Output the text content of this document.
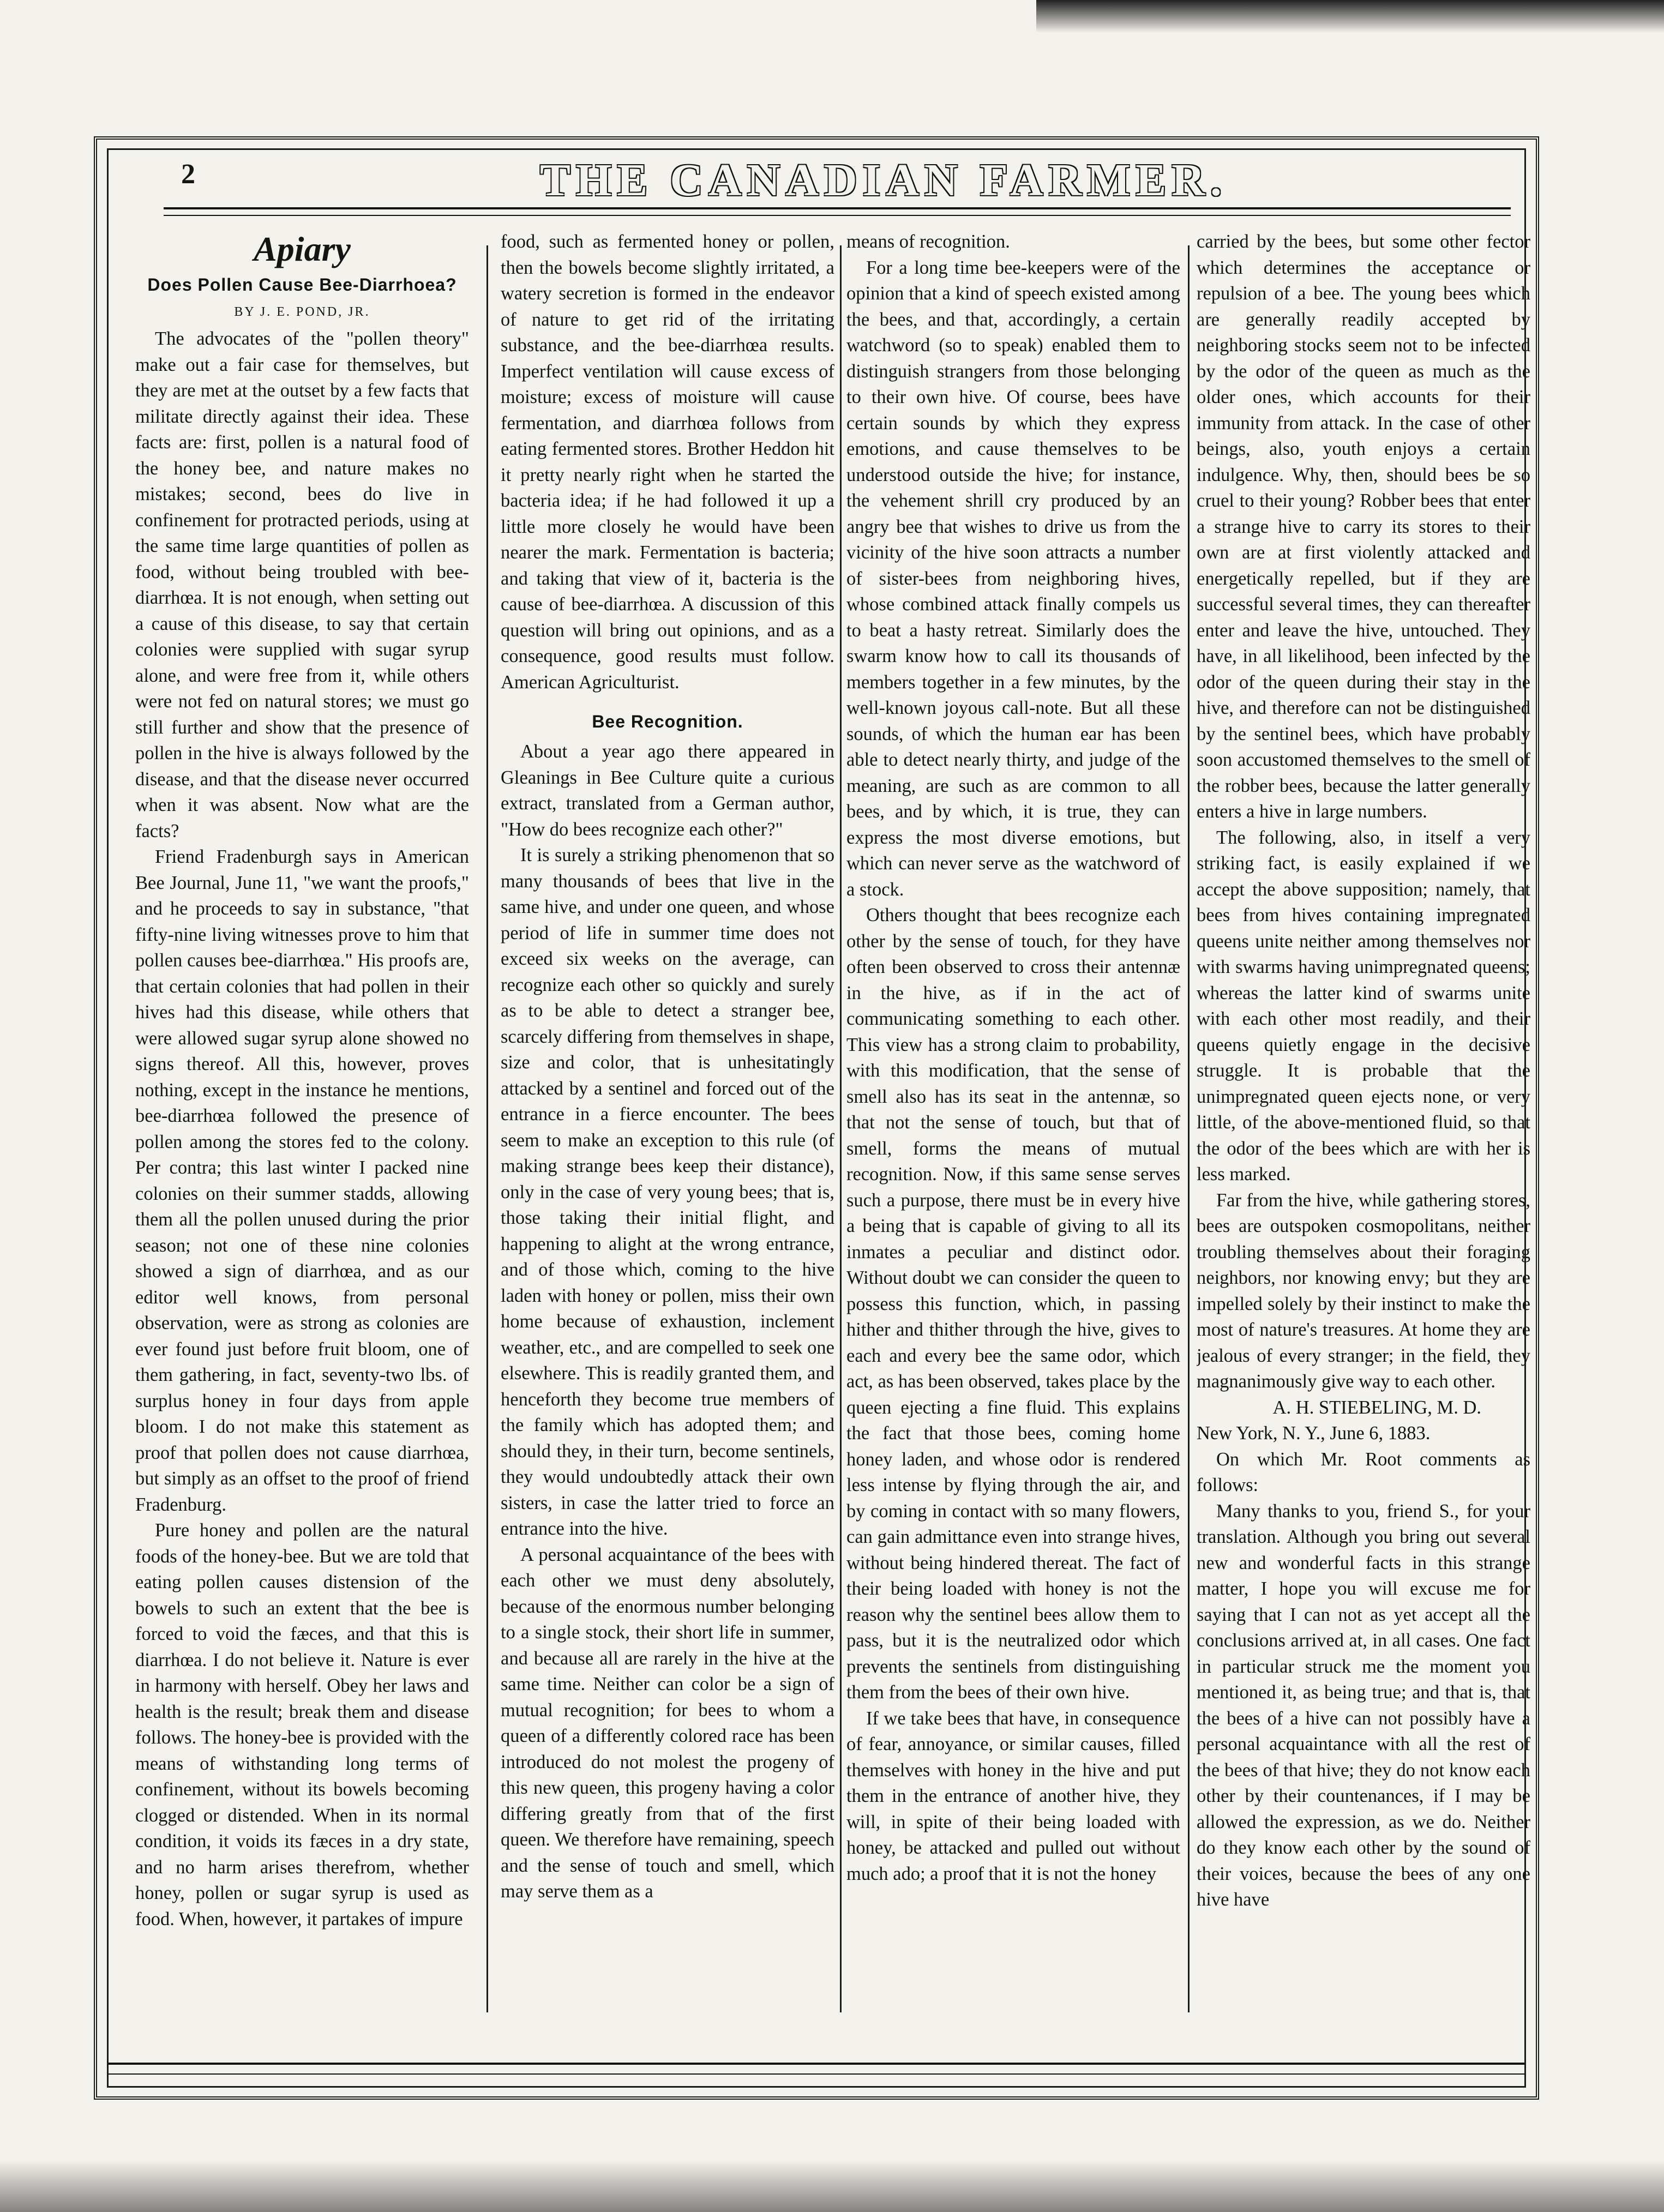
2	THE CANADIAN FARMER.
Apiary
Does Pollen Cause Bee-Diarrhoea?
BY J. E. POND, JR.

The advocates of the "pollen theory" make out a fair case for themselves, but they are met at the outset by a few facts that militate directly against their idea. These facts are: first, pollen is a natural food of the honey bee, and nature makes no mistakes; second, bees do live in confinement for protracted periods, using at the same time large quantities of pollen as food, without being troubled with bee-diarrhœa. It is not enough, when setting out a cause of this disease, to say that certain colonies were supplied with sugar syrup alone, and were free from it, while others were not fed on natural stores; we must go still further and show that the presence of pollen in the hive is always followed by the disease, and that the disease never occurred when it was absent. Now what are the facts?

Friend Fradenburgh says in American Bee Journal, June 11, "we want the proofs," and he proceeds to say in substance, "that fifty-nine living witnesses prove to him that pollen causes bee-diarrhœa." His proofs are, that certain colonies that had pollen in their hives had this disease, while others that were allowed sugar syrup alone showed no signs thereof. All this, however, proves nothing, except in the instance he mentions, bee-diarrhœa followed the presence of pollen among the stores fed to the colony. Per contra; this last winter I packed nine colonies on their summer stadds, allowing them all the pollen unused during the prior season; not one of these nine colonies showed a sign of diarrhœa, and as our editor well knows, from personal observation, were as strong as colonies are ever found just before fruit bloom, one of them gathering, in fact, seventy-two lbs. of surplus honey in four days from apple bloom. I do not make this statement as proof that pollen does not cause diarrhœa, but simply as an offset to the proof of friend Fradenburg.

Pure honey and pollen are the natural foods of the honey-bee. But we are told that eating pollen causes distension of the bowels to such an extent that the bee is forced to void the fæces, and that this is diarrhœa. I do not believe it. Nature is ever in harmony with herself. Obey her laws and health is the result; break them and disease follows. The honey-bee is provided with the means of withstanding long terms of confinement, without its bowels becoming clogged or distended. When in its normal condition, it voids its fæces in a dry state, and no harm arises therefrom, whether honey, pollen or sugar syrup is used as food. When, however, it partakes of impure

food, such as fermented honey or pollen, then the bowels become slightly irritated, a watery secretion is formed in the endeavor of nature to get rid of the irritating substance, and the bee-diarrhœa results. Imperfect ventilation will cause excess of moisture; excess of moisture will cause fermentation, and diarrhœa follows from eating fermented stores. Brother Heddon hit it pretty nearly right when he started the bacteria idea; if he had followed it up a little more closely he would have been nearer the mark. Fermentation is bacteria; and taking that view of it, bacteria is the cause of bee-diarrhœa. A discussion of this question will bring out opinions, and as a consequence, good results must follow. American Agriculturist.

Bee Recognition.

About a year ago there appeared in Gleanings in Bee Culture quite a curious extract, translated from a German author, "How do bees recognize each other?"

It is surely a striking phenomenon that so many thousands of bees that live in the same hive, and under one queen, and whose period of life in summer time does not exceed six weeks on the average, can recognize each other so quickly and surely as to be able to detect a stranger bee, scarcely differing from themselves in shape, size and color, that is unhesitatingly attacked by a sentinel and forced out of the entrance in a fierce encounter. The bees seem to make an exception to this rule (of making strange bees keep their distance), only in the case of very young bees; that is, those taking their initial flight, and happening to alight at the wrong entrance, and of those which, coming to the hive laden with honey or pollen, miss their own home because of exhaustion, inclement weather, etc., and are compelled to seek one elsewhere. This is readily granted them, and henceforth they become true members of the family which has adopted them; and should they, in their turn, become sentinels, they would undoubtedly attack their own sisters, in case the latter tried to force an entrance into the hive.

A personal acquaintance of the bees with each other we must deny absolutely, because of the enormous number belonging to a single stock, their short life in summer, and because all are rarely in the hive at the same time. Neither can color be a sign of mutual recognition; for bees to whom a queen of a differently colored race has been introduced do not molest the progeny of this new queen, this progeny having a color differing greatly from that of the first queen. We therefore have remaining, speech and the sense of touch and smell, which may serve them as a

means of recognition.

For a long time bee-keepers were of the opinion that a kind of speech existed among the bees, and that, accordingly, a certain watchword (so to speak) enabled them to distinguish strangers from those belonging to their own hive. Of course, bees have certain sounds by which they express emotions, and cause themselves to be understood outside the hive; for instance, the vehement shrill cry produced by an angry bee that wishes to drive us from the vicinity of the hive soon attracts a number of sister-bees from neighboring hives, whose combined attack finally compels us to beat a hasty retreat. Similarly does the swarm know how to call its thousands of members together in a few minutes, by the well-known joyous call-note. But all these sounds, of which the human ear has been able to detect nearly thirty, and judge of the meaning, are such as are common to all bees, and by which, it is true, they can express the most diverse emotions, but which can never serve as the watchword of a stock.

Others thought that bees recognize each other by the sense of touch, for they have often been observed to cross their antennæ in the hive, as if in the act of communicating something to each other. This view has a strong claim to probability, with this modification, that the sense of smell also has its seat in the antennæ, so that not the sense of touch, but that of smell, forms the means of mutual recognition. Now, if this same sense serves such a purpose, there must be in every hive a being that is capable of giving to all its inmates a peculiar and distinct odor. Without doubt we can consider the queen to possess this function, which, in passing hither and thither through the hive, gives to each and every bee the same odor, which act, as has been observed, takes place by the queen ejecting a fine fluid. This explains the fact that those bees, coming home honey laden, and whose odor is rendered less intense by flying through the air, and by coming in contact with so many flowers, can gain admittance even into strange hives, without being hindered thereat. The fact of their being loaded with honey is not the reason why the sentinel bees allow them to pass, but it is the neutralized odor which prevents the sentinels from distinguishing them from the bees of their own hive.

If we take bees that have, in consequence of fear, annoyance, or similar causes, filled themselves with honey in the hive and put them in the entrance of another hive, they will, in spite of their being loaded with honey, be attacked and pulled out without much ado; a proof that it is not the honey

carried by the bees, but some other fector which determines the acceptance or repulsion of a bee. The young bees which are generally readily accepted by neighboring stocks seem not to be infected by the odor of the queen as much as the older ones, which accounts for their immunity from attack. In the case of other beings, also, youth enjoys a certain indulgence. Why, then, should bees be so cruel to their young? Robber bees that enter a strange hive to carry its stores to their own are at first violently attacked and energetically repelled, but if they are successful several times, they can thereafter enter and leave the hive, untouched. They have, in all likelihood, been infected by the odor of the queen during their stay in the hive, and therefore can not be distinguished by the sentinel bees, which have probably soon accustomed themselves to the smell of the robber bees, because the latter generally enters a hive in large numbers.

The following, also, in itself a very striking fact, is easily explained if we accept the above supposition; namely, that bees from hives containing impregnated queens unite neither among themselves nor with swarms having unimpregnated queens; whereas the latter kind of swarms unite with each other most readily, and their queens quietly engage in the decisive struggle. It is probable that the unimpregnated queen ejects none, or very little, of the above-mentioned fluid, so that the odor of the bees which are with her is less marked.

Far from the hive, while gathering stores, bees are outspoken cosmopolitans, neither troubling themselves about their foraging neighbors, nor knowing envy; but they are impelled solely by their instinct to make the most of nature's treasures. At home they are jealous of every stranger; in the field, they magnanimously give way to each other.

A. H. STIEBELING, M. D.

New York, N. Y., June 6, 1883.

On which Mr. Root comments as follows:

Many thanks to you, friend S., for your translation. Although you bring out several new and wonderful facts in this strange matter, I hope you will excuse me for saying that I can not as yet accept all the conclusions arrived at, in all cases. One fact in particular struck me the moment you mentioned it, as being true; and that is, that the bees of a hive can not possibly have a personal acquaintance with all the rest of the bees of that hive; they do not know each other by their countenances, if I may be allowed the expression, as we do. Neither do they know each other by the sound of their voices, because the bees of any one hive have
